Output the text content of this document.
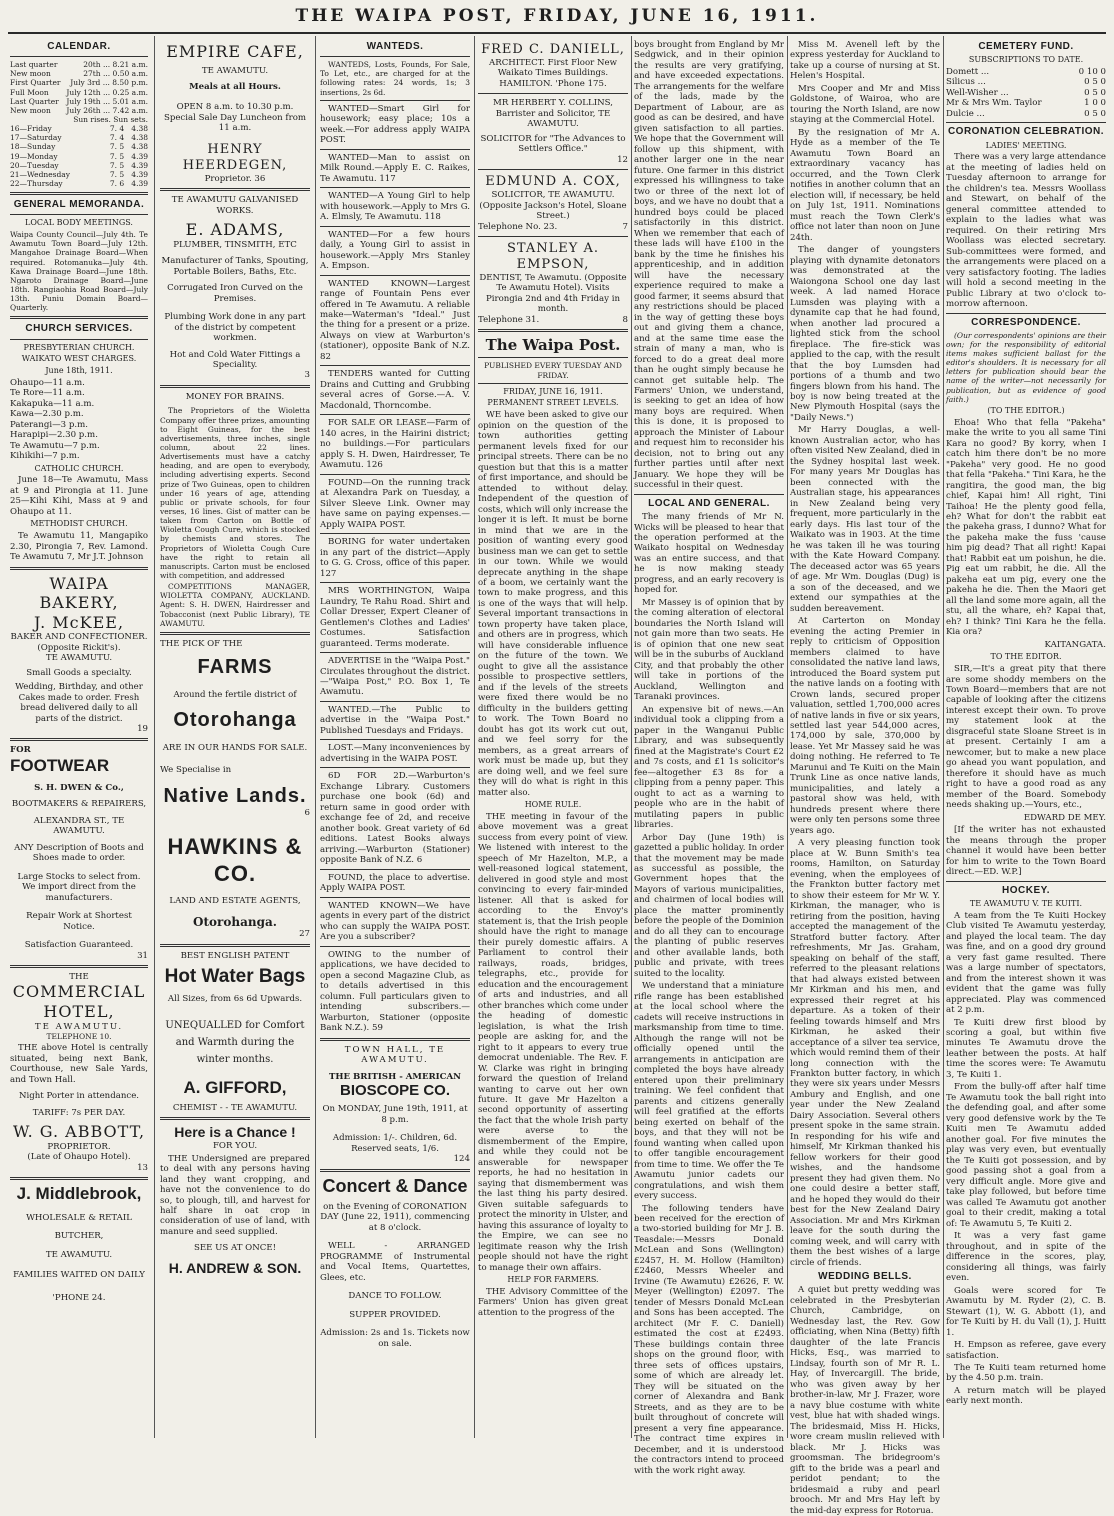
THE WAIPA POST, FRIDAY, JUNE 16, 1911.
CALENDAR.
Last quarter	20th ... 8.21 a.m.
New moon	27th ... 0.50 a.m.
First Quarter July 3rd ... 8.50 p.m.
Full Moon July 12th ... 0.25 a.m.
Last Quarter July 19th ... 5.01 a.m.
New moon July 26th ... 7.42 a.m.
Sun rises. Sun sets.
16—Friday	7. 4 4.38
17—Saturday	7. 4 4.38
18—Sunday	7. 5 4.38
19—Monday	7. 5 4.39
20—Tuesday	7. 5 4.39
21—Wednesday	7. 5 4.39
22—Thursday	7. 6 4.39
GENERAL MEMORANDA.
LOCAL BODY MEETINGS.

Waipa County Council—July 4th. Te Awamutu Town Board—July 12th. Mangahoe Drainage Board—When required. Rotomanuka—July 4th. Kawa Drainage Board—June 18th. Ngaroto Drainage Board—June 18th. Rangiaohia Road Board—July 13th. Puniu Domain Board—Quarterly.

CHURCH SERVICES.
PRESBYTERIAN CHURCH.
WAIKATO WEST CHARGES.
June 18th, 1911.
Ohaupo—11 a.m.
Te Rore—11 a.m.
Kakapuka—11 a.m.
Kawa—2.30 p.m.
Paterangi—3 p.m.
Harapipi—2.30 p.m.
Te Awamutu—7 p.m.
Kihikihi—7 p.m.
CATHOLIC CHURCH.

June 18—Te Awamutu, Mass at 9 and Pirongia at 11. June 25—Kihi Kihi, Mass at 9 and Ohaupo at 11.

METHODIST CHURCH.

Te Awamutu 11, Mangapiko 2.30, Pirongia 7, Rev. Lamond. Te Awamutu 7, Mr J.T. Johnson

WAIPA BAKERY,
J. McKEE,
BAKER AND CONFECTIONER.
(Opposite Rickit's).
TE AWAMUTU.
Small Goods a specialty.
Wedding, Birthday, and other Cakes made to order. Fresh bread delivered daily to all parts of the district.
19
FOR
FOOTWEAR
S. H. DWEN & Co.,
BOOTMAKERS & REPAIRERS,
ALEXANDRA ST., TE AWAMUTU.
ANY Description of Boots and Shoes made to order.
Large Stocks to select from. We import direct from the manufacturers.
Repair Work at Shortest Notice.
Satisfaction Guaranteed.
31
THE
COMMERCIAL
HOTEL,
TE AWAMUTU.
TELEPHONE 10.

THE above Hotel is centrally situated, being next Bank, Courthouse, new Sale Yards, and Town Hall.

Night Porter in attendance.
TARIFF: 7s PER DAY.
W. G. ABBOTT,
PROPRIETOR.
(Late of Ohaupo Hotel).
13
J. Middlebrook,
WHOLESALE & RETAIL
BUTCHER,
TE AWAMUTU.
FAMILIES WAITED ON DAILY
'PHONE 24.
EMPIRE CAFE,
TE AWAMUTU.
Meals at all Hours.
OPEN 8 a.m. to 10.30 p.m.
Special Sale Day Luncheon from 11 a.m.
HENRY HEERDEGEN,
Proprietor. 36
TE AWAMUTU GALVANISED WORKS.
E. ADAMS,
PLUMBER, TINSMITH, ETC
Manufacturer of Tanks, Spouting, Portable Boilers, Baths, Etc.
Corrugated Iron Curved on the Premises.
Plumbing Work done in any part of the district by competent workmen.
Hot and Cold Water Fittings a Speciality.
3
MONEY FOR BRAINS.

The Proprietors of the Wioletta Company offer three prizes, amounting to Eight Guineas, for the best advertisements, three inches, single column, about 22 lines. Advertisements must have a catchy heading, and are open to everybody, including advertising experts. Second prize of Two Guineas, open to children under 16 years of age, attending public or private schools, for four verses, 16 lines. Gist of matter can be taken from Carton on Bottle of Wioletta Cough Cure, which is stocked by chemists and stores. The Proprietors of Wioletta Cough Cure have the right to retain all manuscripts. Carton must be enclosed with competition, and addressed

COMPETITIONS MANAGER, WIOLETTA COMPANY, AUCKLAND. Agent: S. H. DWEN, Hairdresser and Tobacconist (next Public Library), TE AWAMUTU.

THE PICK OF THE
FARMS
Around the fertile district of
Otorohanga
ARE IN OUR HANDS FOR SALE.
We Specialise in
Native Lands.
6
HAWKINS & CO.
LAND AND ESTATE AGENTS,
Otorohanga.
27
BEST ENGLISH PATENT
Hot Water Bags
All Sizes, from 6s 6d Upwards.
UNEQUALLED for Comfort and Warmth during the winter months.
A. GIFFORD,
CHEMIST - - TE AWAMUTU.
Here is a Chance !
FOR YOU.

THE Undersigned are prepared to deal with any persons having land they want cropping, and have not the convenience to do so, to plough, till, and harvest for half share in oat crop in consideration of use of land, with manure and seed supplied.

SEE US AT ONCE!
H. ANDREW & SON.
WANTEDS.

WANTEDS, Losts, Founds, For Sale, To Let, etc., are charged for at the following rates: 24 words, 1s; 3 insertions, 2s 6d.

WANTED—Smart Girl for housework; easy place; 10s a week.—For address apply WAIPA POST.

WANTED—Man to assist on Milk Round.—Apply E. C. Raikes, Te Awamutu. 117

WANTED—A Young Girl to help with housework.—Apply to Mrs G. A. Elmsly, Te Awamutu. 118

WANTED—For a few hours daily, a Young Girl to assist in housework.—Apply Mrs Stanley A. Empson.

WANTED KNOWN—Largest range of Fountain Pens ever offered in Te Awamutu. A reliable make—Waterman's "Ideal." Just the thing for a present or a prize. Always on view at Warburton's (stationer), opposite Bank of N.Z. 82

TENDERS wanted for Cutting Drains and Cutting and Grubbing several acres of Gorse.—A. V. Macdonald, Thorncombe.

FOR SALE OR LEASE—Farm of 140 acres, in the Hairini district; no buildings.—For particulars apply S. H. Dwen, Hairdresser, Te Awamutu. 126

FOUND—On the running track at Alexandra Park on Tuesday, a Silver Sleeve Link. Owner may have same on paying expenses.—Apply WAIPA POST.

BORING for water undertaken in any part of the district—Apply to G. G. Cross, office of this paper. 127

MRS WORTHINGTON, Waipa Laundry, Te Rahu Road. Shirt and Collar Dresser, Expert Cleaner of Gentlemen's Clothes and Ladies' Costumes. Satisfaction guaranteed. Terms moderate.

ADVERTISE in the "Waipa Post." Circulates throughout the district.—"Waipa Post," P.O. Box 1, Te Awamutu.

WANTED.—The Public to advertise in the "Waipa Post." Published Tuesdays and Fridays.

LOST.—Many inconveniences by advertising in the WAIPA POST.

6D FOR 2D.—Warburton's Exchange Library. Customers purchase one book (6d) and return same in good order with exchange fee of 2d, and receive another book. Great variety of 6d editions. Latest Books always arriving.—Warburton (Stationer) opposite Bank of N.Z. 6

FOUND, the place to advertise. Apply WAIPA POST.

WANTED KNOWN—We have agents in every part of the district who can supply the WAIPA POST. Are you a subscriber?

OWING to the number of applications, we have decided to open a second Magazine Club, as to details advertised in this column. Full particulars given to intending subscribers.—Warburton, Stationer (opposite Bank N.Z.). 59

TOWN HALL, TE AWAMUTU.
THE BRITISH - AMERICAN
BIOSCOPE CO.
On MONDAY, June 19th, 1911, at 8 p.m.
Admission: 1/-. Children, 6d. Reserved seats, 1/6.
124
Concert & Dance
on the Evening of CORONATION DAY (June 22, 1911), commencing at 8 o'clock.

WELL - ARRANGED PROGRAMME of Instrumental and Vocal Items, Quartettes, Glees, etc.

DANCE TO FOLLOW.
SUPPER PROVIDED.
Admission: 2s and 1s. Tickets now on sale.
FRED C. DANIELL,
ARCHITECT. First Floor New Waikato Times Buildings. HAMILTON. 'Phone 175.
MR HERBERT Y. COLLINS, Barrister and Solicitor, TE AWAMUTU.
SOLICITOR for "The Advances to Settlers Office."
12
EDMUND A. COX,
SOLICITOR, TE AWAMUTU. (Opposite Jackson's Hotel, Sloane Street.)
Telephone No. 23.	7
STANLEY A. EMPSON,
DENTIST, Te Awamutu. (Opposite Te Awamutu Hotel). Visits Pirongia 2nd and 4th Friday in month.
Telephone 31.	8
The Waipa Post.
PUBLISHED EVERY TUESDAY AND FRIDAY.
FRIDAY, JUNE 16, 1911.
PERMANENT STREET LEVELS.

WE have been asked to give our opinion on the question of the town authorities getting permanent levels fixed for our principal streets. There can be no question but that this is a matter of first importance, and should be attended to without delay. Independent of the question of costs, which will only increase the longer it is left. It must be borne in mind that we are in the position of wanting every good business man we can get to settle in our town. While we would deprecate anything in the shape of a boom, we certainly want the town to make progress, and this is one of the ways that will help. Several important transactions in town property have taken place, and others are in progress, which will have considerable influence on the future of the town. We ought to give all the assistance possible to prospective settlers, and if the levels of the streets were fixed there would be no difficulty in the builders getting to work. The Town Board no doubt has got its work cut out, and we feel sorry for the members, as a great arrears of work must be made up, but they are doing well, and we feel sure they will do what is right in this matter also.

HOME RULE.

THE meeting in favour of the above movement was a great success from every point of view. We listened with interest to the speech of Mr Hazelton, M.P., a well-reasoned logical statement, delivered in good style and most convincing to every fair-minded listener. All that is asked for according to the Envoy's statement is, that the Irish people should have the right to manage their purely domestic affairs. A Parliament to control their railways, roads, bridges, telegraphs, etc., provide for education and the encouragement of arts and industries, and all other branches which come under the heading of domestic legislation, is what the Irish people are asking for, and the right to it appears to every true democrat undeniable. The Rev. F. W. Clarke was right in bringing forward the question of Ireland wanting to carve out her own future. It gave Mr Hazelton a second opportunity of asserting the fact that the whole Irish party were averse to the dismemberment of the Empire, and while they could not be answerable for newspaper reports, he had no hesitation in saying that dismemberment was the last thing his party desired. Given suitable safeguards to protect the minority in Ulster, and having this assurance of loyalty to the Empire, we can see no legitimate reason why the Irish people should not have the right to manage their own affairs.

HELP FOR FARMERS.

THE Advisory Committee of the Farmers' Union has given great attention to the progress of the

boys brought from England by Mr Sedgwick, and in their opinion the results are very gratifying, and have exceeded expectations. The arrangements for the welfare of the lads, made by the Department of Labour, are as good as can be desired, and have given satisfaction to all parties. We hope that the Government will follow up this shipment, with another larger one in the near future. One farmer in this district expressed his willingness to take two or three of the next lot of boys, and we have no doubt that a hundred boys could be placed satisfactorily in this district. When we remember that each of these lads will have £100 in the bank by the time he finishes his apprenticeship, and in addition will have the necessary experience required to make a good farmer, it seems absurd that any restrictions should be placed in the way of getting these boys out and giving them a chance, and at the same time ease the strain of many a man, who is forced to do a great deal more than he ought simply because he cannot get suitable help. The Farmers' Union, we understand, is seeking to get an idea of how many boys are required. When this is done, it is proposed to approach the Minister of Labour and request him to reconsider his decision, not to bring out any further parties until after next January. We hope they will be successful in their quest.

LOCAL AND GENERAL.

The many friends of Mr N. Wicks will be pleased to hear that the operation performed at the Waikato hospital on Wednesday was an entire success, and that he is now making steady progress, and an early recovery is hoped for.

Mr Massey is of opinion that by the coming alteration of electoral boundaries the North Island will not gain more than two seats. He is of opinion that one new seat will be in the suburbs of Auckland City, and that probably the other will take in portions of the Auckland, Wellington and Taranaki provinces.

An expensive bit of news.—An individual took a clipping from a paper in the Wanganui Public Library, and was subsequently fined at the Magistrate's Court £2 and 7s costs, and £1 1s solicitor's fee—altogether £3 8s for a clipping from a penny paper. This ought to act as a warning to people who are in the habit of mutilating papers in public libraries.

Arbor Day (June 19th) is gazetted a public holiday. In order that the movement may be made as successful as possible, the Government hopes that the Mayors of various municipalities, and chairmen of local bodies will place the matter prominently before the people of the Dominion and do all they can to encourage the planting of public reserves and other available lands, both public and private, with trees suited to the locality.

We understand that a miniature rifle range has been established at the local school where the cadets will receive instructions in marksmanship from time to time. Although the range will not be officially opened until the arrangements in anticipation are completed the boys have already entered upon their preliminary training. We feel confident that parents and citizens generally will feel gratified at the efforts being exerted on behalf of the boys, and that they will not be found wanting when called upon to offer tangible encouragement from time to time. We offer the Te Awamutu junior cadets our congratulations, and wish them every success.

The following tenders have been received for the erection of a two-storied building for Mr J. B. Teasdale:—Messrs Donald McLean and Sons (Wellington) £2457, H. M. Hollow (Hamilton) £2460, Messrs Wheeler and Irvine (Te Awamutu) £2626, F. W. Meyer (Wellington) £2097. The tender of Messrs Donald McLean and Sons has been accepted. The architect (Mr F. C. Daniell) estimated the cost at £2493. These buildings contain three shops on the ground floor, with three sets of offices upstairs, some of which are already let. They will be situated on the corner of Alexandra and Bank Streets, and as they are to be built throughout of concrete will present a very fine appearance. The contract time expires in December, and it is understood the contractors intend to proceed with the work right away.

Miss M. Avenell left by the express yesterday for Auckland to take up a course of nursing at St. Helen's Hospital.

Mrs Cooper and Mr and Miss Goldstone, of Wairoa, who are touring the North Island, are now staying at the Commercial Hotel.

By the resignation of Mr A. Hyde as a member of the Te Awamutu Town Board an extraordinary vacancy has occurred, and the Town Clerk notifies in another column that an election will, if necessary, be held on July 1st, 1911. Nominations must reach the Town Clerk's office not later than noon on June 24th.

The danger of youngsters playing with dynamite detonators was demonstrated at the Waiongona School one day last week. A lad named Horace Lumsden was playing with a dynamite cap that he had found, when another lad procured a lighted stick from the school fireplace. The fire-stick was applied to the cap, with the result that the boy Lumsden had portions of a thumb and two fingers blown from his hand. The boy is now being treated at the New Plymouth Hospital (says the "Daily News.")

Mr Harry Douglas, a well-known Australian actor, who has often visited New Zealand, died in the Sydney hospital last week. For many years Mr Douglas has been connected with the Australian stage, his appearances in New Zealand being very frequent, more particularly in the early days. His last tour of the Waikato was in 1903. At the time he was taken ill he was touring with the Kate Howard Company. The deceased actor was 65 years of age. Mr Wm. Douglas (Dug) is a son of the deceased, and we extend our sympathies at the sudden bereavement.

At Carterton on Monday evening the acting Premier in reply to criticism of Opposition members claimed to have consolidated the native land laws, introduced the Board system put the native lands on a footing with Crown lands, secured proper valuation, settled 1,700,000 acres of native lands in five or six years, settled last year 544,000 acres, 174,000 by sale, 370,000 by lease. Yet Mr Massey said he was doing nothing. He referred to Te Marunui and Te Kuiti on the Main Trunk Line as once native lands, municipalities, and lately a pastoral show was held, with hundreds present where there were only ten persons some three years ago.

A very pleasing function took place at W. Bunn Smith's tea rooms, Hamilton, on Saturday evening, when the employees of the Frankton butter factory met to show their esteem for Mr W. Y. Kirkman, the manager, who is retiring from the position, having accepted the management of the Stratford butter factory. After refreshments, Mr Jas. Graham, speaking on behalf of the staff, referred to the pleasant relations that had always existed between Mr Kirkman and his men, and expressed their regret at his departure. As a token of their feeling towards himself and Mrs Kirkman, he asked their acceptance of a silver tea service, which would remind them of their long connection with the Frankton butter factory, in which they were six years under Messrs Ambury and English, and one year under the New Zealand Dairy Association. Several others present spoke in the same strain. In responding for his wife and himself, Mr Kirkman thanked his fellow workers for their good wishes, and the handsome present they had given them. No one could desire a better staff, and he hoped they would do their best for the New Zealand Dairy Association. Mr and Mrs Kirkman leave for the south during the coming week, and will carry with them the best wishes of a large circle of friends.

WEDDING BELLS.

A quiet but pretty wedding was celebrated in the Presbyterian Church, Cambridge, on Wednesday last, the Rev. Gow officiating, when Nina (Betty) fifth daughter of the late Francis Hicks, Esq., was married to Lindsay, fourth son of Mr R. L. Hay, of Invercargill. The bride, who was given away by her brother-in-law, Mr J. Frazer, wore a navy blue costume with white vest, blue hat with shaded wings. The bridesmaid, Miss H. Hicks, wore cream muslin relieved with black. Mr J. Hicks was groomsman. The bridegroom's gift to the bride was a pearl and peridot pendant; to the bridesmaid a ruby and pearl brooch. Mr and Mrs Hay left by the mid-day express for Rotorua.

CEMETERY FUND.
SUBSCRIPTIONS TO DATE.
Domett ...	0 10 0
Silicus ...	0 5 0
Well-Wisher ...	0 5 0
Mr & Mrs Wm. Taylor	1 0 0
Dulcie ...	0 5 0
CORONATION CELEBRATION.
LADIES' MEETING.

There was a very large attendance at the meeting of ladies held on Tuesday afternoon to arrange for the children's tea. Messrs Woollass and Stewart, on behalf of the general committee attended to explain to the ladies what was required. On their retiring Mrs Woollass was elected secretary. Sub-committees were formed, and the arrangements were placed on a very satisfactory footing. The ladies will hold a second meeting in the Public Library at two o'clock to-morrow afternoon.

CORRESPONDENCE.

(Our correspondents' opinions are their own; for the responsibility of editorial items makes sufficient ballast for the editor's shoulders. It is necessary for all letters for publication should bear the name of the writer—not necessarily for publication, but as evidence of good faith.)

(TO THE EDITOR.)

Ehoa! Who that fella "Pakeha" make the write to you all same Tini Kara no good? By korry, when I catch him there don't be no more "Pakeha" very good. He no good that fella "Pakeha." Tini Kara, he the rangitira, the good man, the big chief, Kapai him! All right, Tini Taihoa! He the plenty good fella, eh? What for don't the rabbit eat the pakeha grass, I dunno? What for the pakeha make the fuss 'cause him pig dead? That all right! Kapai that! Rabbit eat um poishun, he die. Pig eat um rabbit, he die. All the pakeha eat um pig, every one the pakeha he die. Then the Maori get all the land some more again, all the stu, all the whare, eh? Kapai that, eh? I think? Tini Kara he the fella. Kia ora?

KAITANGATA.
TO THE EDITOR.

SIR,—It's a great pity that there are some shoddy members on the Town Board—members that are not capable of looking after the citizens interest except their own. To prove my statement look at the disgraceful state Sloane Street is in at present. Certainly I am a newcomer, but to make a new place go ahead you want population, and therefore it should have as much right to have a good road as any member of the Board. Somebody needs shaking up.—Yours, etc.,

EDWARD DE MEY.

[If the writer has not exhausted the means through the proper channel it would have been better for him to write to the Town Board direct.—ED. W.P.]

HOCKEY.
TE AWAMUTU V. TE KUITI.

A team from the Te Kuiti Hockey Club visited Te Awamutu yesterday, and played the local team. The day was fine, and on a good dry ground a very fast game resulted. There was a large number of spectators, and from the interest shown it was evident that the game was fully appreciated. Play was commenced at 2 p.m.

Te Kuiti drew first blood by scoring a goal, but within five minutes Te Awamutu drove the leather between the posts. At half time the scores were: Te Awamutu 3, Te Kuiti 1.

From the bully-off after half time Te Awamutu took the ball right into the defending goal, and after some very good defensive work by the Te Kuiti men Te Awamutu added another goal. For five minutes the play was very even, but eventually the Te Kuiti got possession, and by good passing shot a goal from a very difficult angle. More give and take play followed, but before time was called Te Awamutu got another goal to their credit, making a total of: Te Awamutu 5, Te Kuiti 2.

It was a very fast game throughout, and in spite of the difference in the scores, play, considering all things, was fairly even.

Goals were scored for Te Awamutu by M. Ryder (2), C. B. Stewart (1), W. G. Abbott (1), and for Te Kuiti by H. du Vall (1), J. Huitt 1.

H. Empson as referee, gave every satisfaction.

The Te Kuiti team returned home by the 4.50 p.m. train.

A return match will be played early next month.
